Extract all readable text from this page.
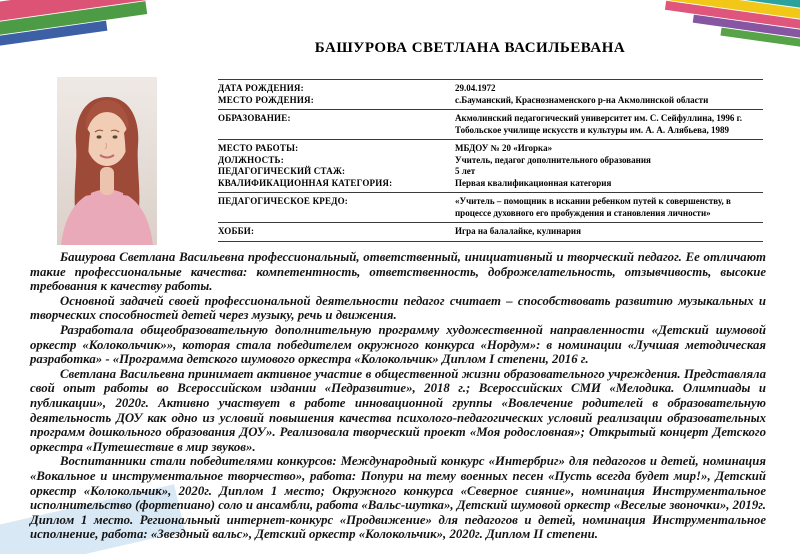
БАШУРОВА СВЕТЛАНА ВАСИЛЬЕВАНА
ДАТА РОЖДЕНИЯ:	29.04.1972
МЕСТО РОЖДЕНИЯ:	с.Бауманский, Краснознаменского р-на Акмолинской области
ОБРАЗОВАНИЕ:	Акмолинский педагогический университет им. С. Сейфуллина, 1996 г.
Тобольское училище искусств и культуры им. А. А. Алябьева, 1989
МЕСТО РАБОТЫ:	МБДОУ № 20 «Игорка»
ДОЛЖНОСТЬ:	Учитель, педагог дополнительного образования
ПЕДАГОГИЧЕСКИЙ СТАЖ:	5 лет
КВАЛИФИКАЦИОННАЯ КАТЕГОРИЯ:	Первая квалификационная категория
ПЕДАГОГИЧЕСКОЕ КРЕДО:	«Учитель – помощник в искании ребенком путей к совершенству, в процессе духовного его пробуждения и становления личности»
ХОББИ:	Игра на балалайке, кулинария

Башурова Светлана Васильевна профессиональный, ответственный, инициативный и творческий педагог. Ее отличают такие профессиональные качества: компетентность, ответственность, доброжелательность, отзывчивость, высокие требования к качеству работы.

Основной задачей своей профессиональной деятельности педагог считает – способствовать развитию музыкальных и творческих способностей детей через музыку, речь и движения.

Разработала общеобразовательную дополнительную программу художественной направленности «Детский шумовой оркестр «Колокольчик»», которая стала победителем окружного конкурса «Нордум»: в номинации «Лучшая методическая разработка» - «Программа детского шумового оркестра «Колокольчик» Диплом I степени, 2016 г.

Светлана Васильевна принимает активное участие в общественной жизни образовательного учреждения. Представляла свой опыт работы во Всероссийском издании «Педразвитие», 2018 г.; Всероссийских СМИ «Мелодика. Олимпиады и публикации», 2020г. Активно участвует в работе инновационной группы «Вовлечение родителей в образовательную деятельность ДОУ как одно из условий повышения качества психолого-педагогических условий реализации образовательных программ дошкольного образования ДОУ». Реализовала творческий проект «Моя родословная»; Открытый концерт Детского оркестра «Путешествие в мир звуков».

Воспитанники стали победителями конкурсов: Международный конкурс «Интербриг» для педагогов и детей, номинация «Вокальное и инструментальное творчество», работа: Попури на тему военных песен «Пусть всегда будет мир!», Детский оркестр «Колокольчик», 2020г. Диплом 1 место; Окружного конкурса «Северное сияние», номинация Инструментальное исполнительство (фортепиано) соло и ансамбли, работа «Вальс-шутка», Детский шумовой оркестр «Веселые звоночки», 2019г. Диплом 1 место. Региональный интернет-конкурс «Продвижение» для педагогов и детей, номинация Инструментальное исполнение, работа: «Звездный вальс», Детский оркестр «Колокольчик», 2020г. Диплом II степени.
